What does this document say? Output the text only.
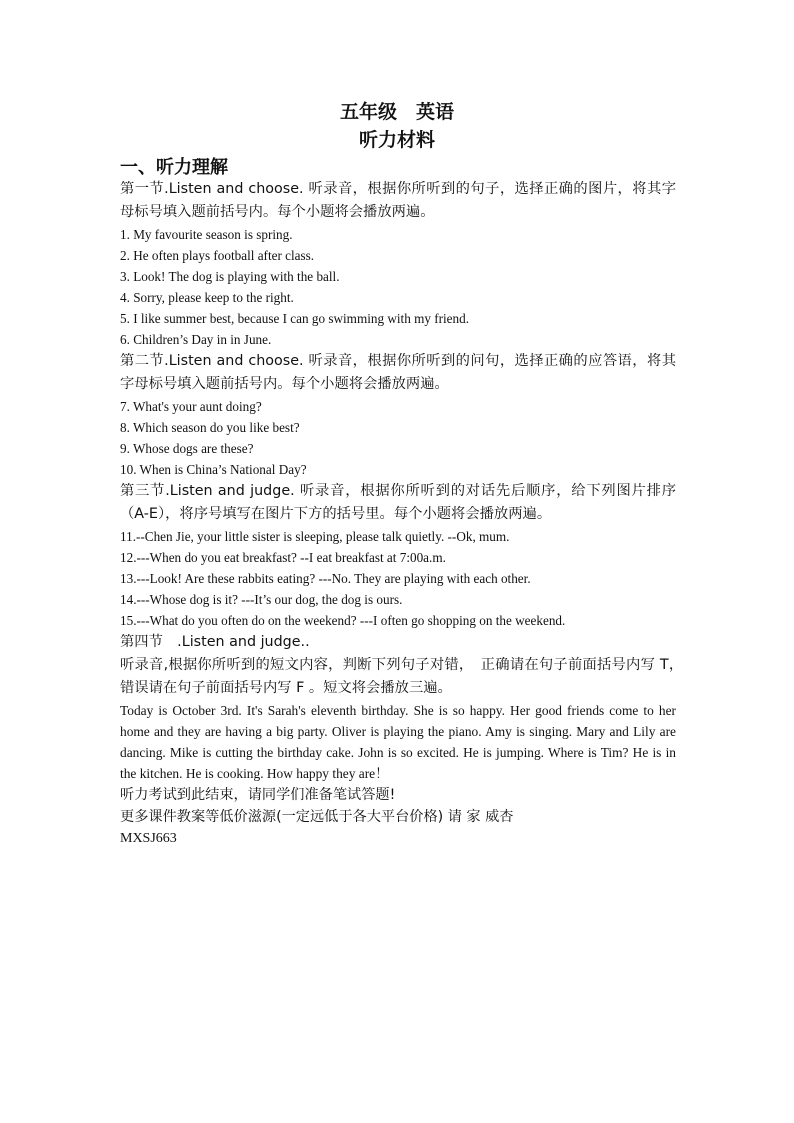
五年级　英语
听力材料
一、听力理解

第一节.Listen and choose. 听录音，根据你所听到的句子，选择正确的图片，将其字母标号填入题前括号内。每个小题将会播放两遍。

1. My favourite season is spring.

2. He often plays football after class.

3. Look! The dog is playing with the ball.

4. Sorry, please keep to the right.

5. I like summer best, because I can go swimming with my friend.

6. Children’s Day in in June.

第二节.Listen and choose. 听录音，根据你所听到的问句，选择正确的应答语，将其字母标号填入题前括号内。每个小题将会播放两遍。

7. What's your aunt doing?

8. Which season do you like best?

9. Whose dogs are these?

10. When is China’s National Day?

第三节.Listen and judge. 听录音，根据你所听到的对话先后顺序，给下列图片排序（A-E），将序号填写在图片下方的括号里。每个小题将会播放两遍。

11.--Chen Jie, your little sister is sleeping, please talk quietly. --Ok, mum.

12.---When do you eat breakfast? --I eat breakfast at 7:00a.m.

13.---Look! Are these rabbits eating? ---No. They are playing with each other.

14.---Whose dog is it? ---It’s our dog, the dog is ours.

15.---What do you often do on the weekend? ---I often go shopping on the weekend.

第四节　.Listen and judge..

听录音,根据你所听到的短文内容，判断下列句子对错，　正确请在句子前面括号内写 T，　错误请在句子前面括号内写 F 。短文将会播放三遍。

Today is October 3rd. It's Sarah's eleventh birthday. She is so happy. Her good friends come to her home and they are having a big party. Oliver is playing the piano. Amy is singing. Mary and Lily are dancing. Mike is cutting the birthday cake. John is so excited. He is jumping. Where is Tim? He is in the kitchen. He is cooking. How happy they are！

听力考试到此结束，请同学们准备笔试答题!

更多课件教案等低价滋源(一定远低于各大平台价格) 请 家 威杏

MXSJ663
